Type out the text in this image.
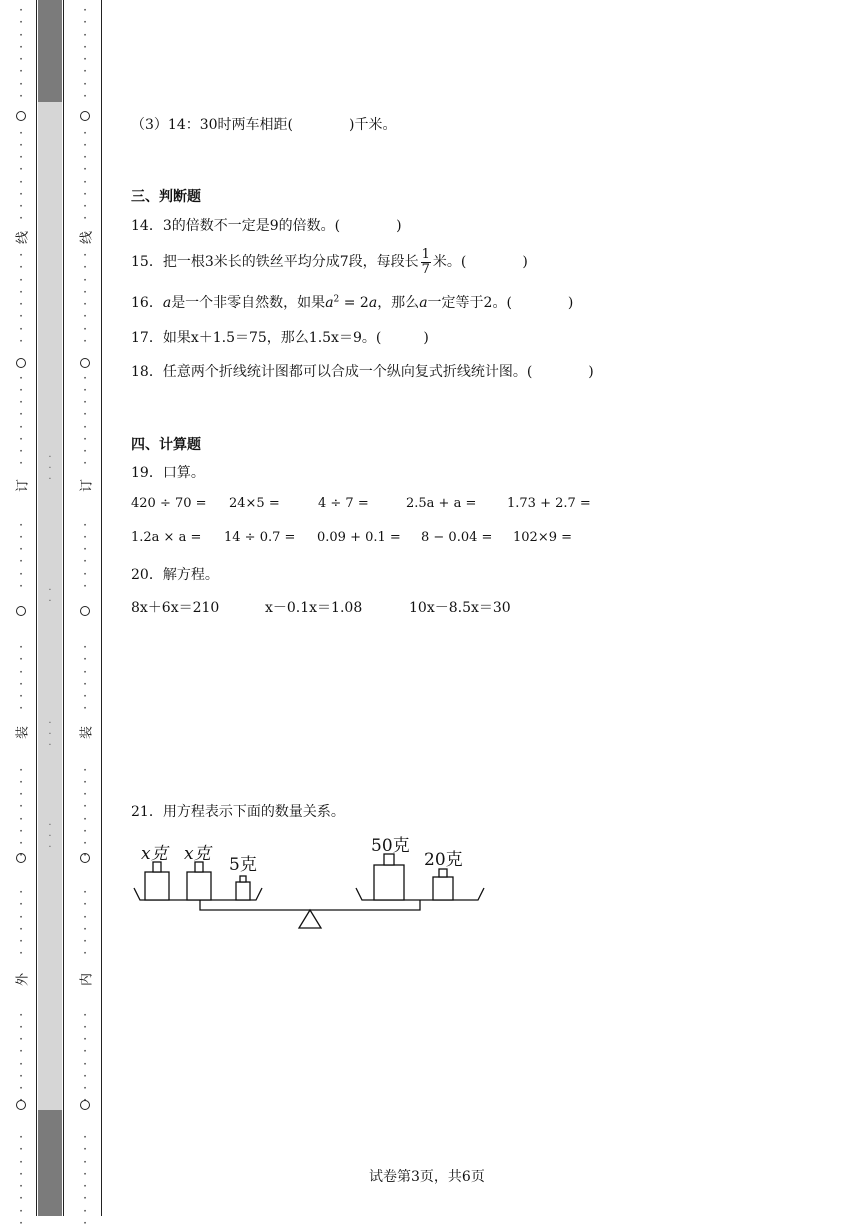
·
·
·
·
·
·
·
·
·
·
·
·
·
·
·
·
·
·
·
·
·
·
·
·
·
·
·
·
·
·
·
·
·
·
·
·
·
·
·
·
·
·
·
·
·
·
·
·
·
·
·
·
·
·
·
·
·
·
·
·
·
·
·
·
·
·
·
·
·
·
·
·
·
·
·
·
·
·
·
·
·
·
·
·
·
·
·
·
·
·
·
·
·
·
·
·
·
·
·
·
·
·
·
·
·
·
·
·
·
·
·
·
·
·
·
·
·
·
·
·
·
·
·
·
·
·
·
·
·
·
·
·
·
·
·
·
·
·
·
·
·
·
·
·
·
·
·
·
线
订
装
外
线
订
装
内
·
·
·
·
·
·
·
·
·
·
·
（3）14：30时两车相距(　　　　)千米。
三、判断题
14．3的倍数不一定是9的倍数。(　　　　)
15．把一根3米长的铁丝平均分成7段，每段长 $\frac{1}{7}$ 米。(　　　　)
16．a是一个非零自然数，如果$a^2 = 2a$，那么a一定等于2。(　　　　)
17．如果x＋1.5＝75，那么1.5x＝9。(　　　)
18．任意两个折线统计图都可以合成一个纵向复式折线统计图。(　　　　)
四、计算题
19．口算。
420 ÷ 70 = 24×5 =	4 ÷ 7 =	2.5a + a = 1.73 + 2.7 =
1.2a × a = 14 ÷ 0.7 = 0.09 + 0.1 = 8 − 0.04 = 102×9 =
20．解方程。
8x＋6x＝210	x－0.1x＝1.08	10x－8.5x＝30
21．用方程表示下面的数量关系。
x克 x克
5克
50克
20克
试卷第3页，共6页
